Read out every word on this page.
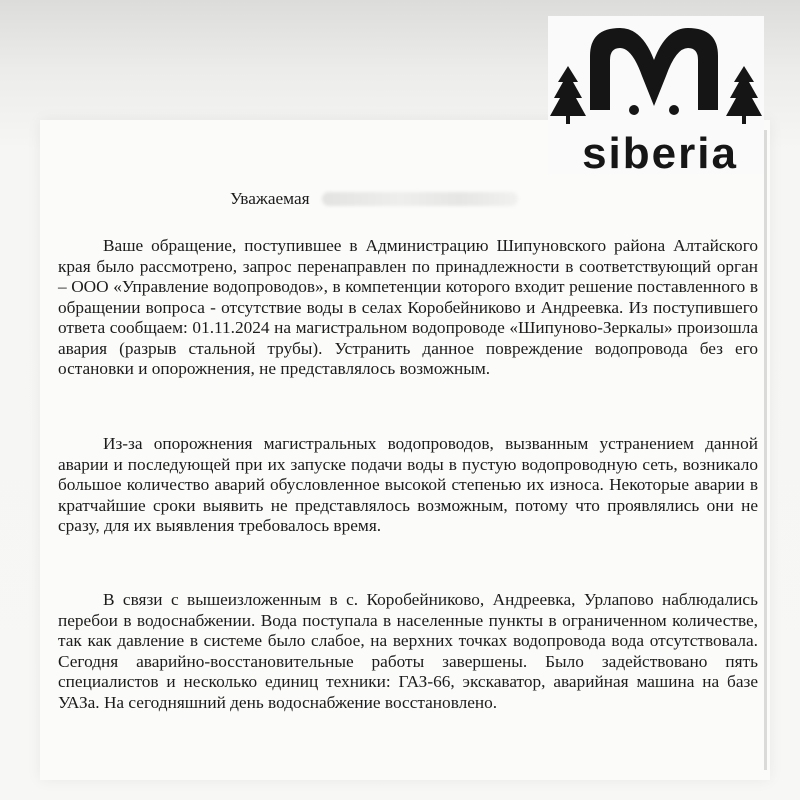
siberia
Уважаемая

Ваше обращение, поступившее в Администрацию Шипуновского района Алтайского края было рассмотрено, запрос перенаправлен по принадлежности в соответствующий орган – ООО «Управление водопроводов», в компетенции которого входит решение поставленного в обращении вопроса - отсутствие воды в селах Коробейниково и Андреевка. Из поступившего ответа сообщаем: 01.11.2024 на магистральном водопроводе «Шипуново-Зеркалы» произошла авария (разрыв стальной трубы). Устранить данное повреждение водопровода без его остановки и опорожнения, не представлялось возможным.

Из-за опорожнения магистральных водопроводов, вызванным устранением данной аварии и последующей при их запуске подачи воды в пустую водопроводную сеть, возникало большое количество аварий обусловленное высокой степенью их износа. Некоторые аварии в кратчайшие сроки выявить не представлялось возможным, потому что проявлялись они не сразу, для их выявления требовалось время.

В связи с вышеизложенным в с. Коробейниково, Андреевка, Урлапово наблюдались перебои в водоснабжении. Вода поступала в населенные пункты в ограниченном количестве, так как давление в системе было слабое, на верхних точках водопровода вода отсутствовала. Сегодня аварийно-восстановительные работы завершены. Было задействовано пять специалистов и несколько единиц техники: ГАЗ-66, экскаватор, аварийная машина на базе УАЗа. На сегодняшний день водоснабжение восстановлено.
